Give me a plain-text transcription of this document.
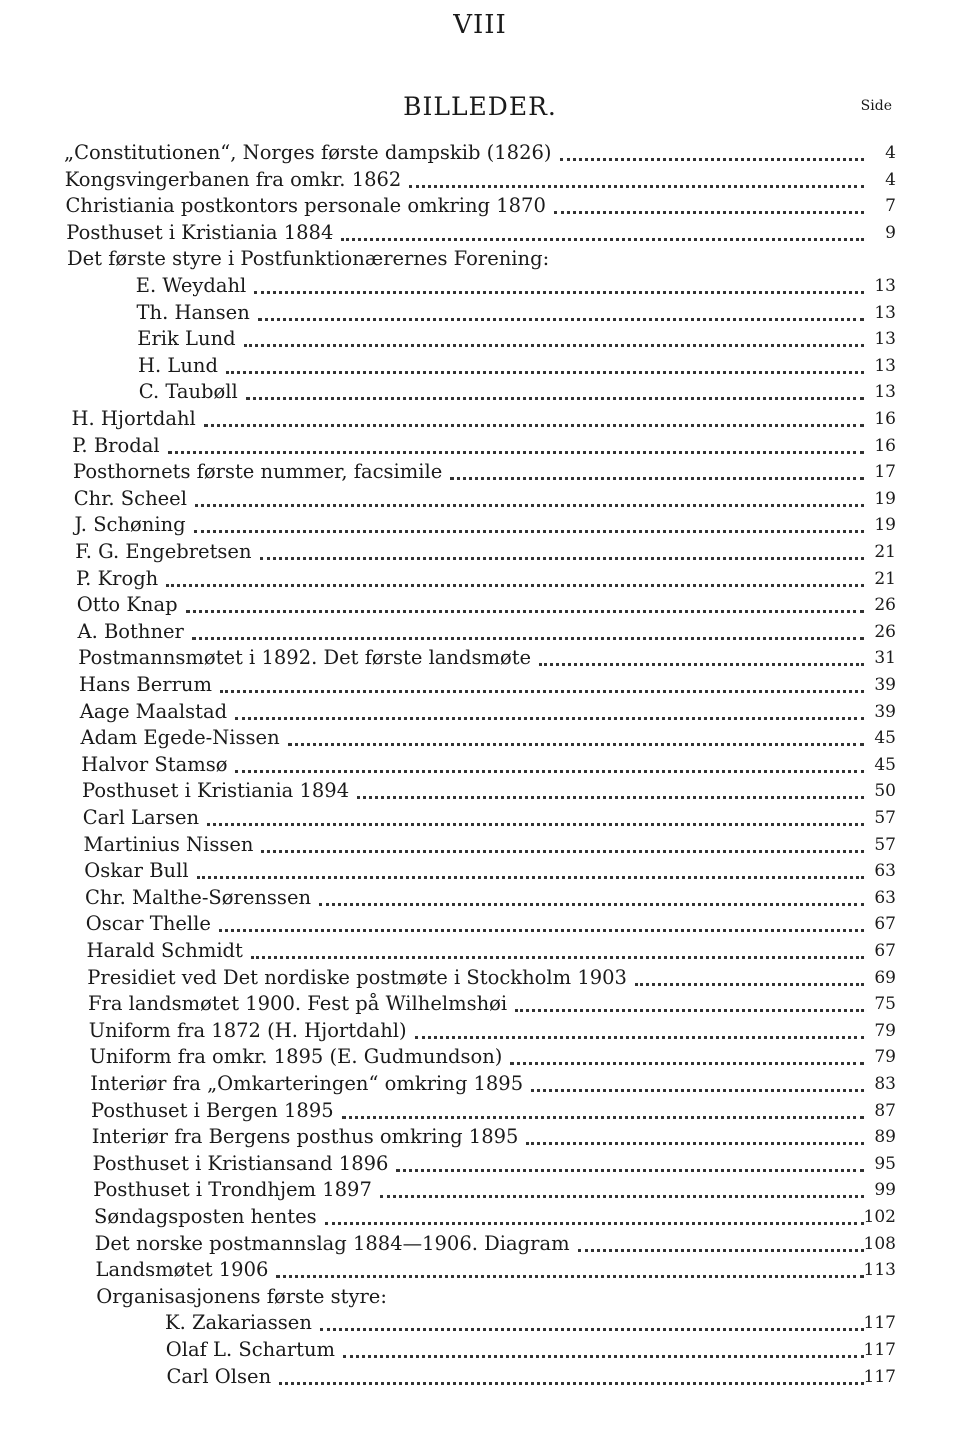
VIII
BILLEDER.	Side
„Constitutionen“, Norges første dampskib (1826)	4
Kongsvingerbanen fra omkr. 1862	4
Christiania postkontors personale omkring 1870	7
Posthuset i Kristiania 1884	9
Det første styre i Postfunktionærernes Forening:
E. Weydahl	13
Th. Hansen	13
Erik Lund	13
H. Lund	13
C. Taubøll	13
H. Hjortdahl	16
P. Brodal	16
Posthornets første nummer, facsimile	17
Chr. Scheel	19
J. Schøning	19
F. G. Engebretsen	21
P. Krogh	21
Otto Knap	26
A. Bothner	26
Postmannsmøtet i 1892. Det første landsmøte	31
Hans Berrum	39
Aage Maalstad	39
Adam Egede-Nissen	45
Halvor Stamsø	45
Posthuset i Kristiania 1894	50
Carl Larsen	57
Martinius Nissen	57
Oskar Bull	63
Chr. Malthe-Sørenssen	63
Oscar Thelle	67
Harald Schmidt	67
Presidiet ved Det nordiske postmøte i Stockholm 1903	69
Fra landsmøtet 1900. Fest på Wilhelmshøi	75
Uniform fra 1872 (H. Hjortdahl)	79
Uniform fra omkr. 1895 (E. Gudmundson)	79
Interiør fra „Omkarteringen“ omkring 1895	83
Posthuset i Bergen 1895	87
Interiør fra Bergens posthus omkring 1895	89
Posthuset i Kristiansand 1896	95
Posthuset i Trondhjem 1897	99
Søndagsposten hentes	102
Det norske postmannslag 1884—1906. Diagram	108
Landsmøtet 1906	113
Organisasjonens første styre:
K. Zakariassen	117
Olaf L. Schartum	117
Carl Olsen	117
